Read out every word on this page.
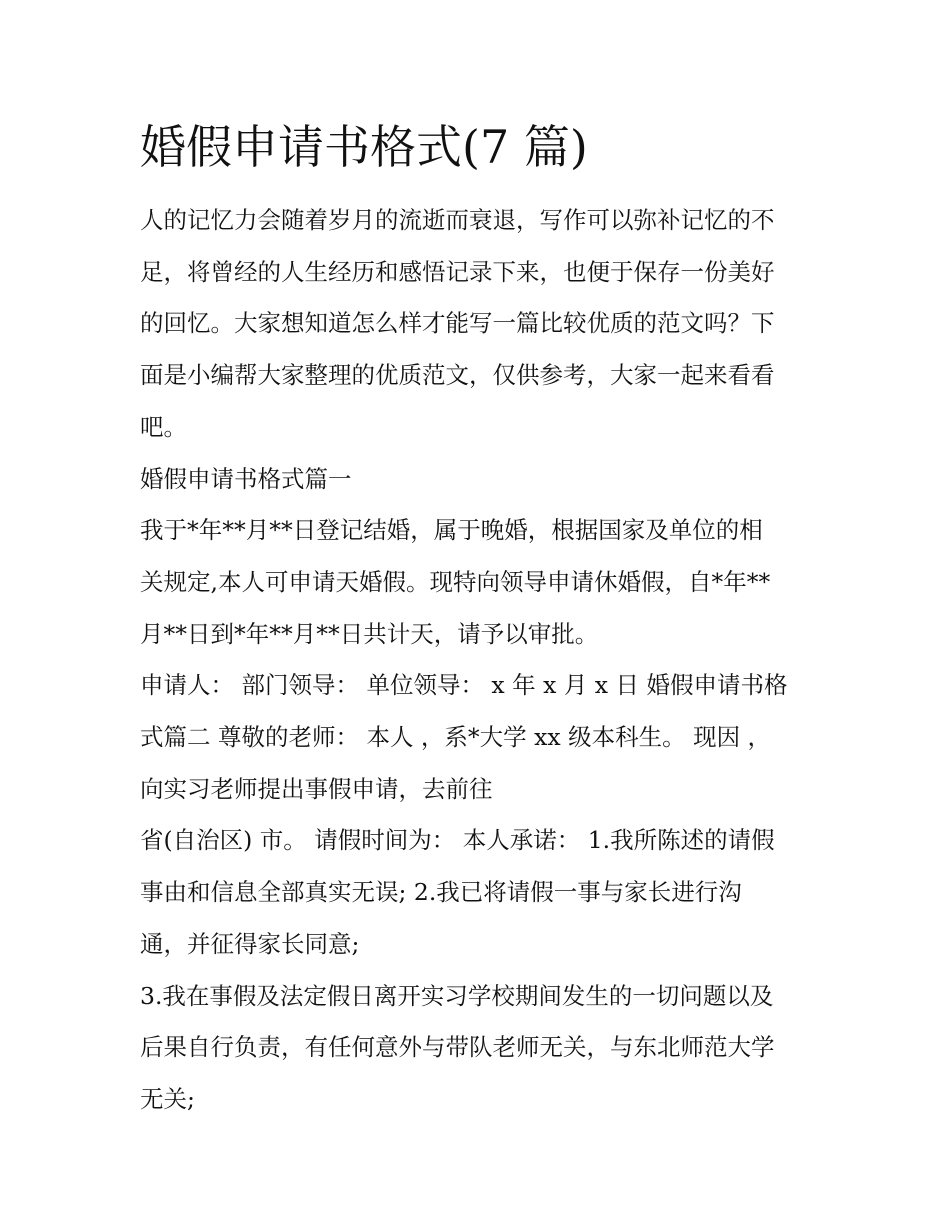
婚假申请书格式(7 篇)

人的记忆力会随着岁月的流逝而衰退，写作可以弥补记忆的不
足，将曾经的人生经历和感悟记录下来，也便于保存一份美好
的回忆。大家想知道怎么样才能写一篇比较优质的范文吗？下
面是小编帮大家整理的优质范文，仅供参考，大家一起来看看
吧。

婚假申请书格式篇一

我于*年**月**日登记结婚，属于晚婚，根据国家及单位的相
关规定,本人可申请天婚假。现特向领导申请休婚假，自*年**
月**日到*年**月**日共计天，请予以审批。

申请人： 部门领导： 单位领导： x 年 x 月 x 日 婚假申请书格
式篇二 尊敬的老师： 本人 ，系*大学 xx 级本科生。 现因 ，
向实习老师提出事假申请，去前往

省(自治区) 市。 请假时间为： 本人承诺： 1.我所陈述的请假
事由和信息全部真实无误; 2.我已将请假一事与家长进行沟
通，并征得家长同意;

3.我在事假及法定假日离开实习学校期间发生的一切问题以及
后果自行负责，有任何意外与带队老师无关，与东北师范大学
无关;
